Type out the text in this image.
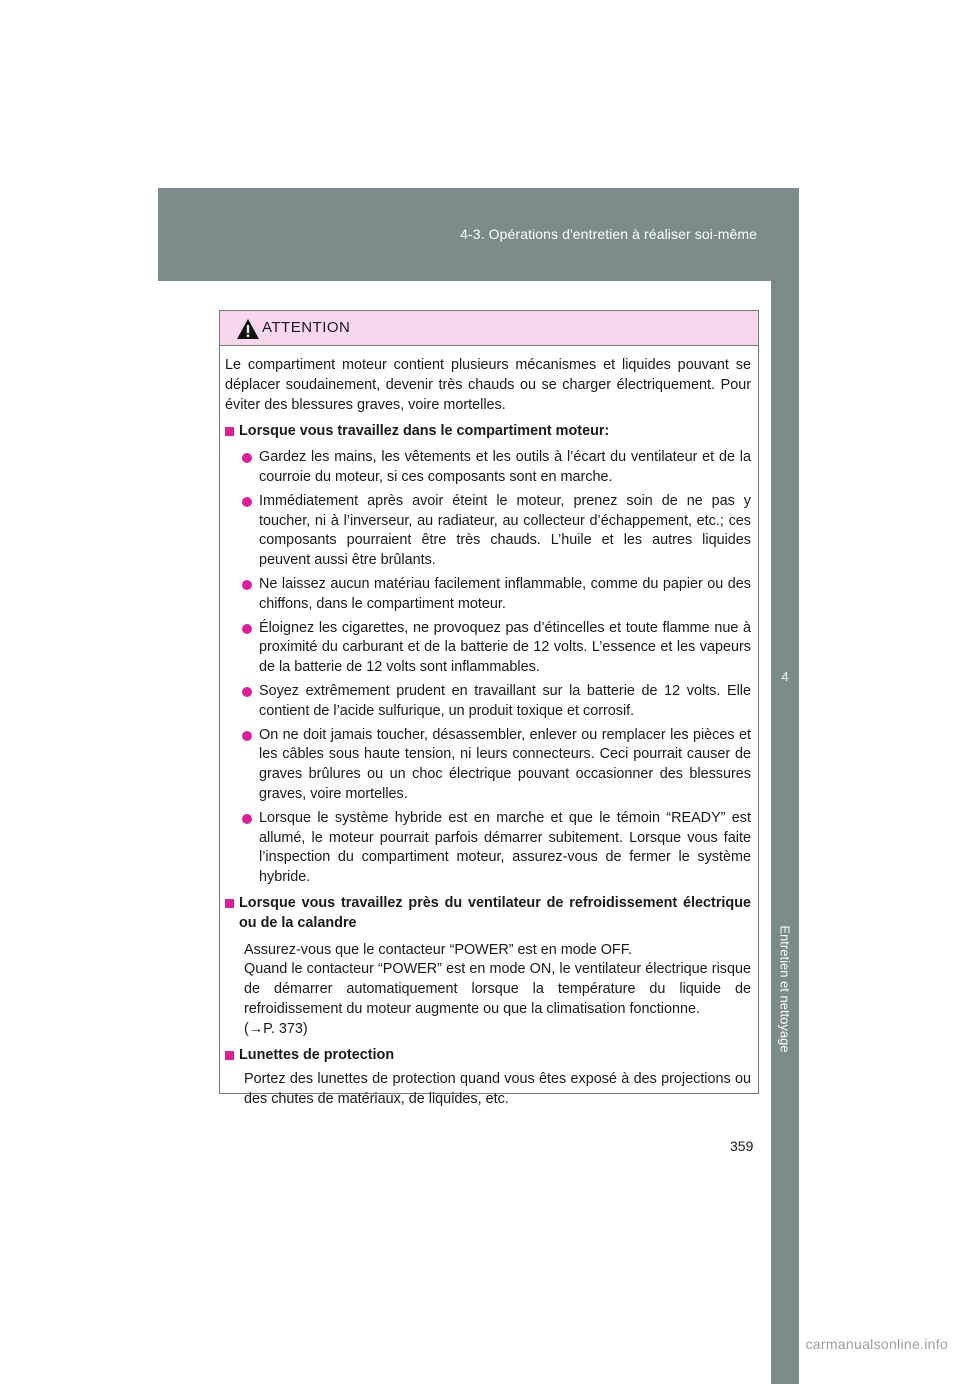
4-3. Opérations d'entretien à réaliser soi-même
4
Entretien et nettoyage
ATTENTION

Le compartiment moteur contient plusieurs mécanismes et liquides pouvant se déplacer soudainement, devenir très chauds ou se charger électriquement. Pour éviter des blessures graves, voire mortelles.

Lorsque vous travaillez dans le compartiment moteur:

Gardez les mains, les vêtements et les outils à l’écart du ventilateur et de la courroie du moteur, si ces composants sont en marche.

Immédiatement après avoir éteint le moteur, prenez soin de ne pas y toucher, ni à l’inverseur, au radiateur, au collecteur d’échappement, etc.; ces composants pourraient être très chauds. L’huile et les autres liquides peuvent aussi être brûlants.

Ne laissez aucun matériau facilement inflammable, comme du papier ou des chiffons, dans le compartiment moteur.

Éloignez les cigarettes, ne provoquez pas d’étincelles et toute flamme nue à proximité du carburant et de la batterie de 12 volts. L’essence et les vapeurs de la batterie de 12 volts sont inflammables.

Soyez extrêmement prudent en travaillant sur la batterie de 12 volts. Elle contient de l’acide sulfurique, un produit toxique et corrosif.

On ne doit jamais toucher, désassembler, enlever ou remplacer les pièces et les câbles sous haute tension, ni leurs connecteurs. Ceci pourrait causer de graves brûlures ou un choc électrique pouvant occasionner des blessures graves, voire mortelles.

Lorsque le système hybride est en marche et que le témoin “READY” est allumé, le moteur pourrait parfois démarrer subitement. Lorsque vous faite l’inspection du compartiment moteur, assurez-vous de fermer le système hybride.

Lorsque vous travaillez près du ventilateur de refroidissement électrique ou de la calandre

Assurez-vous que le contacteur “POWER” est en mode OFF.
Quand le contacteur “POWER” est en mode ON, le ventilateur électrique risque de démarrer automatiquement lorsque la température du liquide de refroidissement du moteur augmente ou que la climatisation fonctionne.
(→P. 373)

Lunettes de protection

Portez des lunettes de protection quand vous êtes exposé à des projections ou des chutes de matériaux, de liquides, etc.

359
carmanualsonline.info
